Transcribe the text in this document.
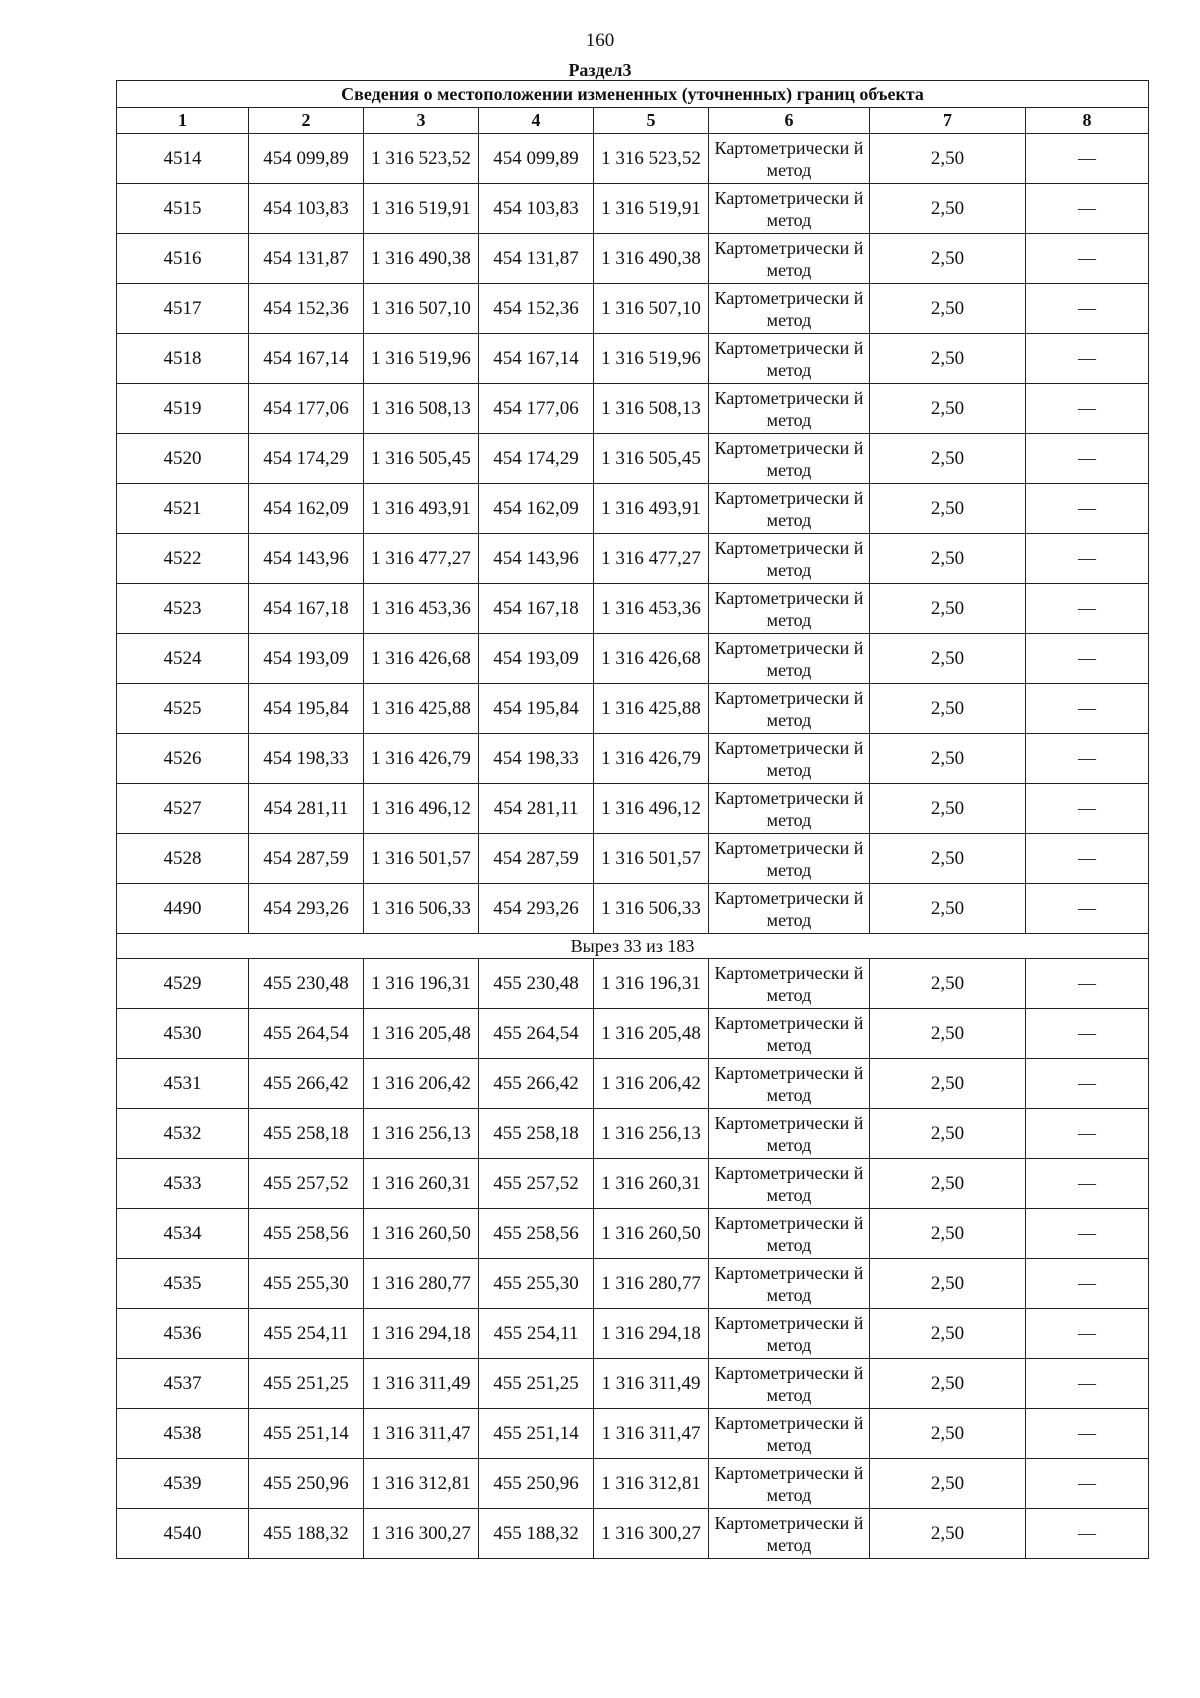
160
Раздел3
Сведения о местоположении измененных (уточненных) границ объекта							
1	2	3	4	5	6	7	8
4514	454 099,89	1 316 523,52	454 099,89	1 316 523,52	Картометрически й метод	2,50	—
4515	454 103,83	1 316 519,91	454 103,83	1 316 519,91	Картометрически й метод	2,50	—
4516	454 131,87	1 316 490,38	454 131,87	1 316 490,38	Картометрически й метод	2,50	—
4517	454 152,36	1 316 507,10	454 152,36	1 316 507,10	Картометрически й метод	2,50	—
4518	454 167,14	1 316 519,96	454 167,14	1 316 519,96	Картометрически й метод	2,50	—
4519	454 177,06	1 316 508,13	454 177,06	1 316 508,13	Картометрически й метод	2,50	—
4520	454 174,29	1 316 505,45	454 174,29	1 316 505,45	Картометрически й метод	2,50	—
4521	454 162,09	1 316 493,91	454 162,09	1 316 493,91	Картометрически й метод	2,50	—
4522	454 143,96	1 316 477,27	454 143,96	1 316 477,27	Картометрически й метод	2,50	—
4523	454 167,18	1 316 453,36	454 167,18	1 316 453,36	Картометрически й метод	2,50	—
4524	454 193,09	1 316 426,68	454 193,09	1 316 426,68	Картометрически й метод	2,50	—
4525	454 195,84	1 316 425,88	454 195,84	1 316 425,88	Картометрически й метод	2,50	—
4526	454 198,33	1 316 426,79	454 198,33	1 316 426,79	Картометрически й метод	2,50	—
4527	454 281,11	1 316 496,12	454 281,11	1 316 496,12	Картометрически й метод	2,50	—
4528	454 287,59	1 316 501,57	454 287,59	1 316 501,57	Картометрически й метод	2,50	—
4490	454 293,26	1 316 506,33	454 293,26	1 316 506,33	Картометрически й метод	2,50	—
Вырез 33 из 183							
4529	455 230,48	1 316 196,31	455 230,48	1 316 196,31	Картометрически й метод	2,50	—
4530	455 264,54	1 316 205,48	455 264,54	1 316 205,48	Картометрически й метод	2,50	—
4531	455 266,42	1 316 206,42	455 266,42	1 316 206,42	Картометрически й метод	2,50	—
4532	455 258,18	1 316 256,13	455 258,18	1 316 256,13	Картометрически й метод	2,50	—
4533	455 257,52	1 316 260,31	455 257,52	1 316 260,31	Картометрически й метод	2,50	—
4534	455 258,56	1 316 260,50	455 258,56	1 316 260,50	Картометрически й метод	2,50	—
4535	455 255,30	1 316 280,77	455 255,30	1 316 280,77	Картометрически й метод	2,50	—
4536	455 254,11	1 316 294,18	455 254,11	1 316 294,18	Картометрически й метод	2,50	—
4537	455 251,25	1 316 311,49	455 251,25	1 316 311,49	Картометрически й метод	2,50	—
4538	455 251,14	1 316 311,47	455 251,14	1 316 311,47	Картометрически й метод	2,50	—
4539	455 250,96	1 316 312,81	455 250,96	1 316 312,81	Картометрически й метод	2,50	—
4540	455 188,32	1 316 300,27	455 188,32	1 316 300,27	Картометрически й метод	2,50	—
